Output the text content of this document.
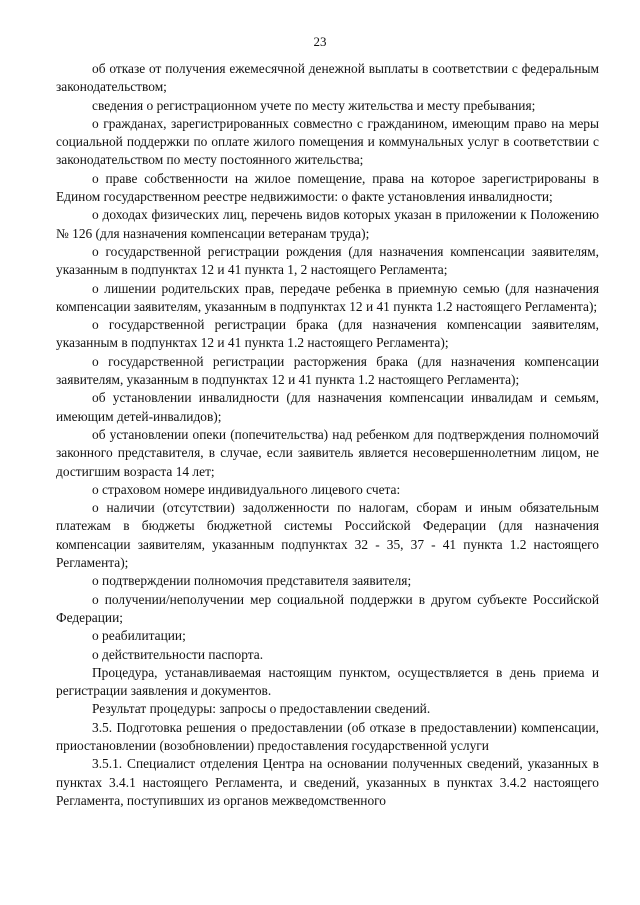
23

об отказе от получения ежемесячной денежной выплаты в соответствии с федеральным законодательством;

сведения о регистрационном учете по месту жительства и месту пребывания;

о гражданах, зарегистрированных совместно с гражданином, имеющим право на меры социальной поддержки по оплате жилого помещения и коммунальных услуг в соответствии с законодательством по месту постоянного жительства;

о праве собственности на жилое помещение, права на которое зарегистрированы в Едином государственном реестре недвижимости: о факте установления инвалидности;

о доходах физических лиц, перечень видов которых указан в приложении к Положению № 126 (для назначения компенсации ветеранам труда);

о государственной регистрации рождения (для назначения компенсации заявителям, указанным в подпунктах 12 и 41 пункта 1, 2 настоящего Регламента;

о лишении родительских прав, передаче ребенка в приемную семью (для назначения компенсации заявителям, указанным в подпунктах 12 и 41 пункта 1.2 настоящего Регламента);

о государственной регистрации брака (для назначения компенсации заявителям, указанным в подпунктах 12 и 41 пункта 1.2 настоящего Регламента);

о государственной регистрации расторжения брака (для назначения компенсации заявителям, указанным в подпунктах 12 и 41 пункта 1.2 настоящего Регламента);

об установлении инвалидности (для назначения компенсации инвалидам и семьям, имеющим детей-инвалидов);

об установлении опеки (попечительства) над ребенком для подтверждения полномочий законного представителя, в случае, если заявитель является несовершеннолетним лицом, не достигшим возраста 14 лет;

о страховом номере индивидуального лицевого счета:

о наличии (отсутствии) задолженности по налогам, сборам и иным обязательным платежам в бюджеты бюджетной системы Российской Федерации (для назначения компенсации заявителям, указанным подпунктах 32 - 35, 37 - 41 пункта 1.2 настоящего Регламента);

о подтверждении полномочия представителя заявителя;

о получении/неполучении мер социальной поддержки в другом субъекте Российской Федерации;

о реабилитации;

о действительности паспорта.

Процедура, устанавливаемая настоящим пунктом, осуществляется в день приема и регистрации заявления и документов.

Результат процедуры: запросы о предоставлении сведений.

3.5. Подготовка решения о предоставлении (об отказе в предоставлении) компенсации, приостановлении (возобновлении) предоставления государственной услуги

3.5.1. Специалист отделения Центра на основании полученных сведений, указанных в пунктах 3.4.1 настоящего Регламента, и сведений, указанных в пунктах 3.4.2 настоящего Регламента, поступивших из органов межведомственного
